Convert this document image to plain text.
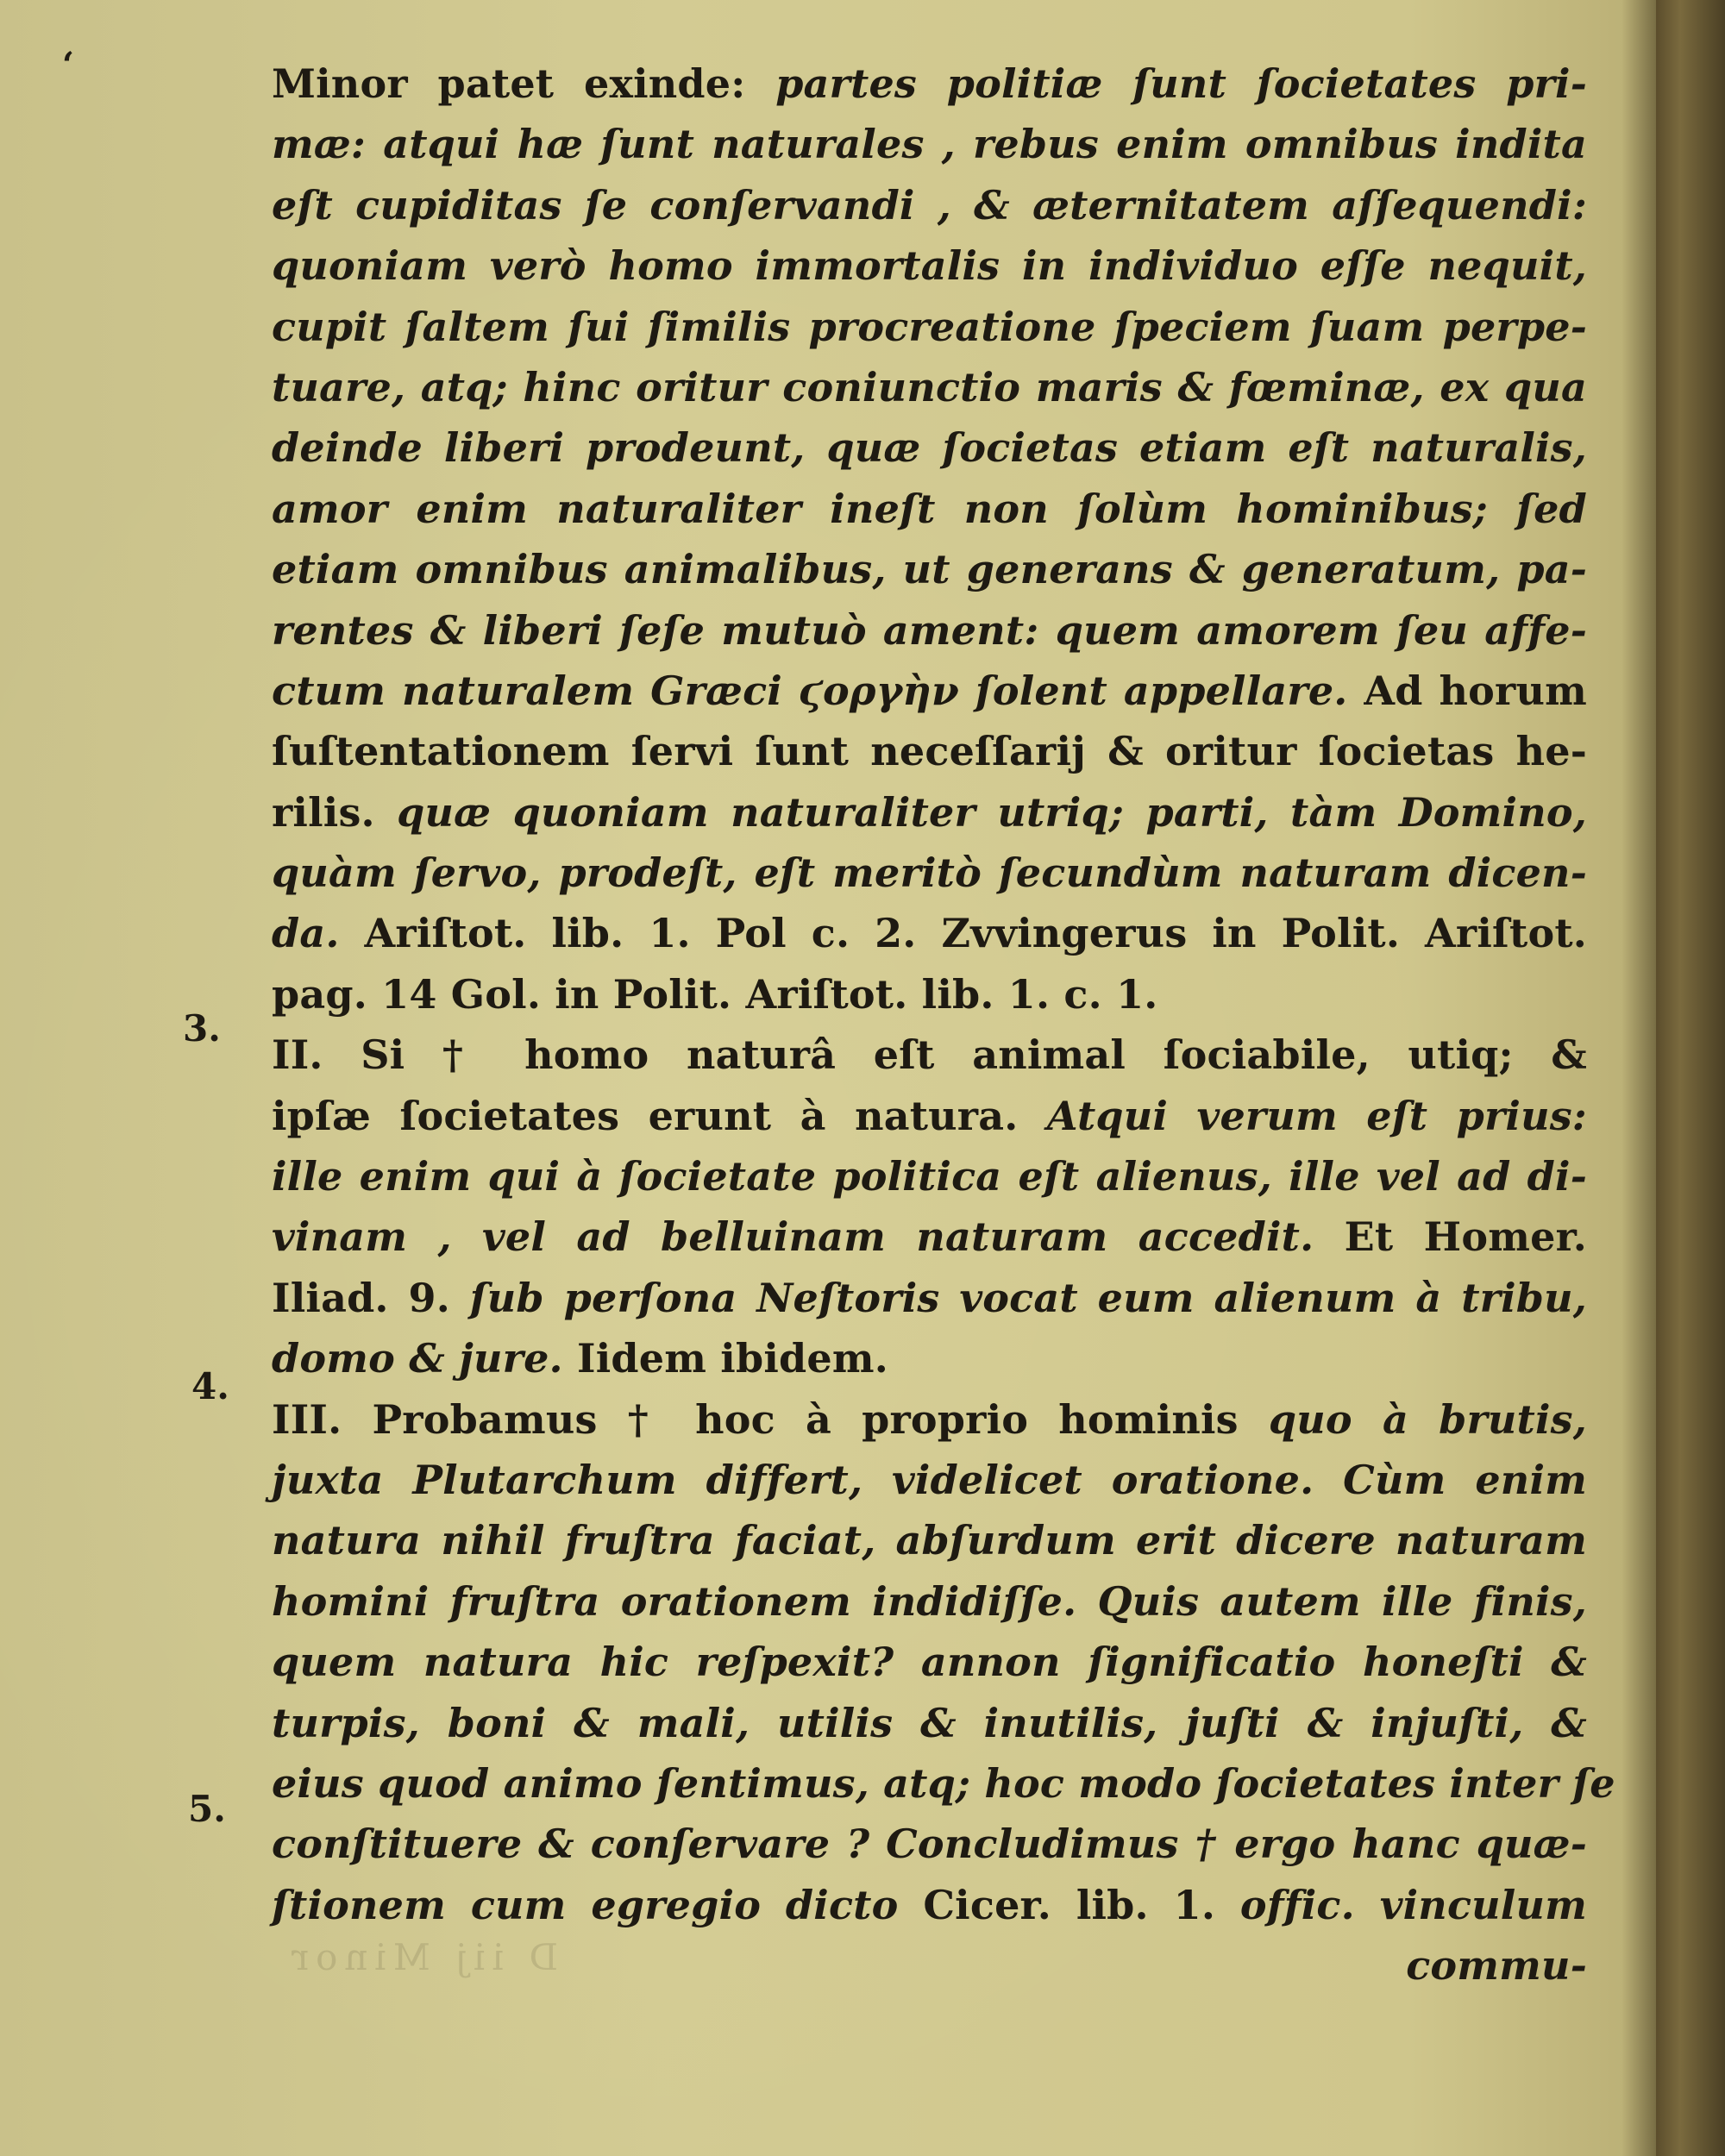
‘
3.
4.
5.
Minor patet exinde: partes politiæ ſunt ſocietates pri-
mæ: atqui hæ ſunt naturales , rebus enim omnibus indita
eſt cupiditas ſe conſervandi , & æternitatem aſſequendi:
quoniam verò homo immortalis in individuo eſſe nequit,
cupit ſaltem ſui ſimilis procreatione ſpeciem ſuam perpe-
tuare, atq; hinc oritur coniunctio maris & fœminæ, ex qua
deinde liberi prodeunt, quæ ſocietas etiam eſt naturalis,
amor enim naturaliter ineſt non ſolùm hominibus; ſed
etiam omnibus animalibus, ut generans & generatum, pa-
rentes & liberi ſeſe mutuò ament: quem amorem ſeu affe-
ctum naturalem Græci ϛοργὴν ſolent appellare. Ad horum
ſuſtentationem ſervi ſunt neceſſarij & oritur ſocietas he-
rilis. quæ quoniam naturaliter utriq; parti, tàm Domino,
quàm ſervo, prodeſt, eſt meritò ſecundùm naturam dicen-
da. Ariſtot. lib. 1. Pol c. 2. Zvvingerus in Polit. Ariſtot.
pag. 14 Gol. in Polit. Ariſtot. lib. 1. c. 1.
II. Si † homo naturâ eſt animal ſociabile, utiq; &
ipſæ ſocietates erunt à natura. Atqui verum eſt prius:
ille enim qui à ſocietate politica eſt alienus, ille vel ad di-
vinam , vel ad belluinam naturam accedit. Et Homer.
Iliad. 9. ſub perſona Neſtoris vocat eum alienum à tribu,
domo & jure. Iidem ibidem.
III. Probamus † hoc à proprio hominis quo à brutis,
juxta Plutarchum differt, videlicet oratione. Cùm enim
natura nihil fruſtra faciat, abſurdum erit dicere naturam
homini fruſtra orationem indidiſſe. Quis autem ille finis,
quem natura hic reſpexit? annon ſignificatio honeſti &
turpis, boni & mali, utilis & inutilis, juſti & injuſti, &
eius quod animo ſentimus, atq; hoc modo ſocietates inter ſe
conſtituere & conſervare ? Concludimus † ergo hanc quæ-
ſtionem cum egregio dicto Cicer. lib. 1. offic. vinculum
commu-
D iij Minor
